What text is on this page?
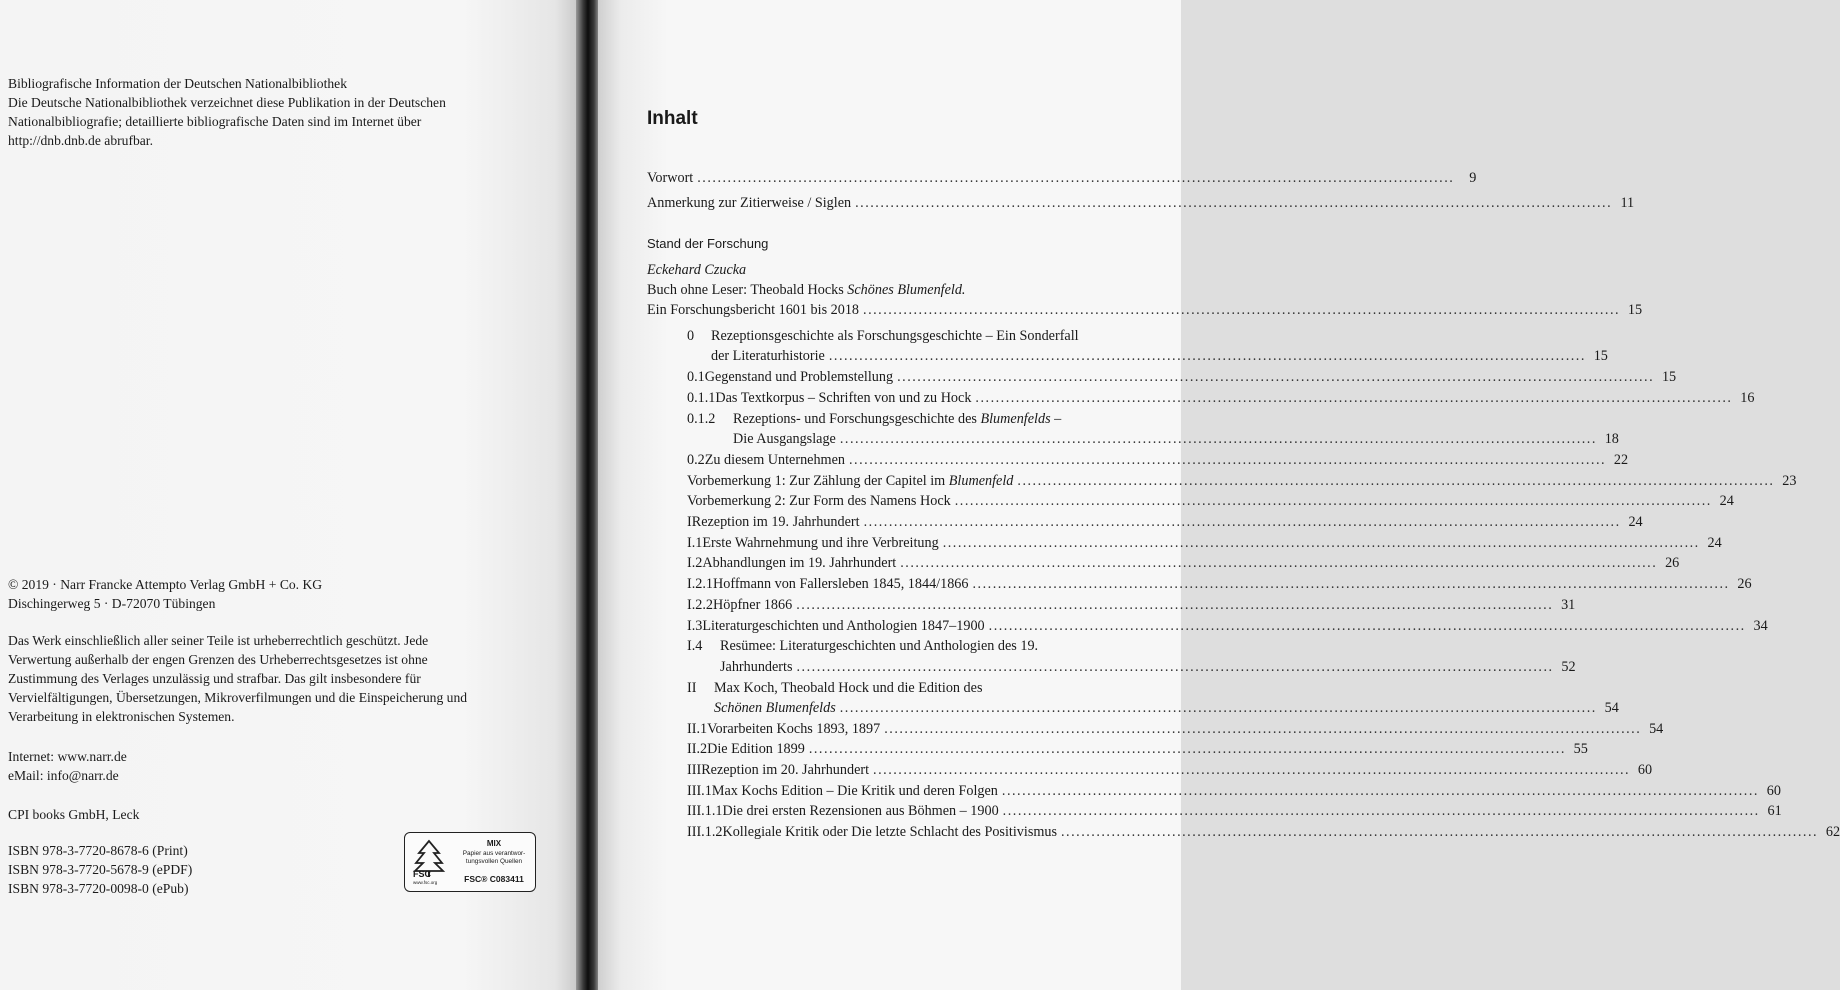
Bibliografische Information der Deutschen Nationalbibliothek
Die Deutsche Nationalbibliothek verzeichnet diese Publikation in der Deutschen
Nationalbibliografie; detaillierte bibliografische Daten sind im Internet über
http://dnb.dnb.de abrufbar.
© 2019 · Narr Francke Attempto Verlag GmbH + Co. KG
Dischingerweg 5 · D-72070 Tübingen
Das Werk einschließlich aller seiner Teile ist urheberrechtlich geschützt. Jede
Verwertung außerhalb der engen Grenzen des Urheberrechtsgesetzes ist ohne
Zustimmung des Verlages unzulässig und strafbar. Das gilt insbesondere für
Vervielfältigungen, Übersetzungen, Mikroverfilmungen und die Einspeicherung und
Verarbeitung in elektronischen Systemen.
Internet: www.narr.de
eMail: info@narr.de
CPI books GmbH, Leck
ISBN 978-3-7720-8678-6 (Print)
ISBN 978-3-7720-5678-9 (ePDF)
ISBN 978-3-7720-0098-0 (ePub)
FSC
www.fsc.org
MIX
Papier aus verantwor-
tungsvollen Quellen
FSC® C083411
Inhalt
Vorwort ......................................................................................................................................................	9
Anmerkung zur Zitierweise / Siglen ...................................................................................................................................................... 11
Stand der Forschung
Eckehard Czucka
Buch ohne Leser: Theobald Hocks Schönes Blumenfeld.
Ein Forschungsbericht 1601 bis 2018 ...................................................................................................................................................... 15
0 Rezeptionsgeschichte als Forschungsgeschichte – Ein Sonderfall
der Literaturhistorie ...................................................................................................................................................... 15
0.1 Gegenstand und Problemstellung ...................................................................................................................................................... 15
0.1.1 Das Textkorpus – Schriften von und zu Hock ...................................................................................................................................................... 16
0.1.2 Rezeptions- und Forschungsgeschichte des Blumenfelds –
Die Ausgangslage ...................................................................................................................................................... 18
0.2 Zu diesem Unternehmen ...................................................................................................................................................... 22
Vorbemerkung 1: Zur Zählung der Capitel im Blumenfeld ...................................................................................................................................................... 23
Vorbemerkung 2: Zur Form des Namens Hock ...................................................................................................................................................... 24
I Rezeption im 19. Jahrhundert ...................................................................................................................................................... 24
I.1 Erste Wahrnehmung und ihre Verbreitung ...................................................................................................................................................... 24
I.2 Abhandlungen im 19. Jahrhundert ...................................................................................................................................................... 26
I.2.1 Hoffmann von Fallersleben 1845, 1844/1866 ...................................................................................................................................................... 26
I.2.2 Höpfner 1866 ...................................................................................................................................................... 31
I.3 Literaturgeschichten und Anthologien 1847–1900 ...................................................................................................................................................... 34
I.4 Resümee: Literaturgeschichten und Anthologien des 19.
Jahrhunderts ...................................................................................................................................................... 52
II Max Koch, Theobald Hock und die Edition des
Schönen Blumenfelds ...................................................................................................................................................... 54
II.1 Vorarbeiten Kochs 1893, 1897 ...................................................................................................................................................... 54
II.2 Die Edition 1899 ...................................................................................................................................................... 55
III Rezeption im 20. Jahrhundert ...................................................................................................................................................... 60
III.1 Max Kochs Edition – Die Kritik und deren Folgen ...................................................................................................................................................... 60
III.1.1 Die drei ersten Rezensionen aus Böhmen – 1900 ...................................................................................................................................................... 61
III.1.2 Kollegiale Kritik oder Die letzte Schlacht des Positivismus ...................................................................................................................................................... 62
